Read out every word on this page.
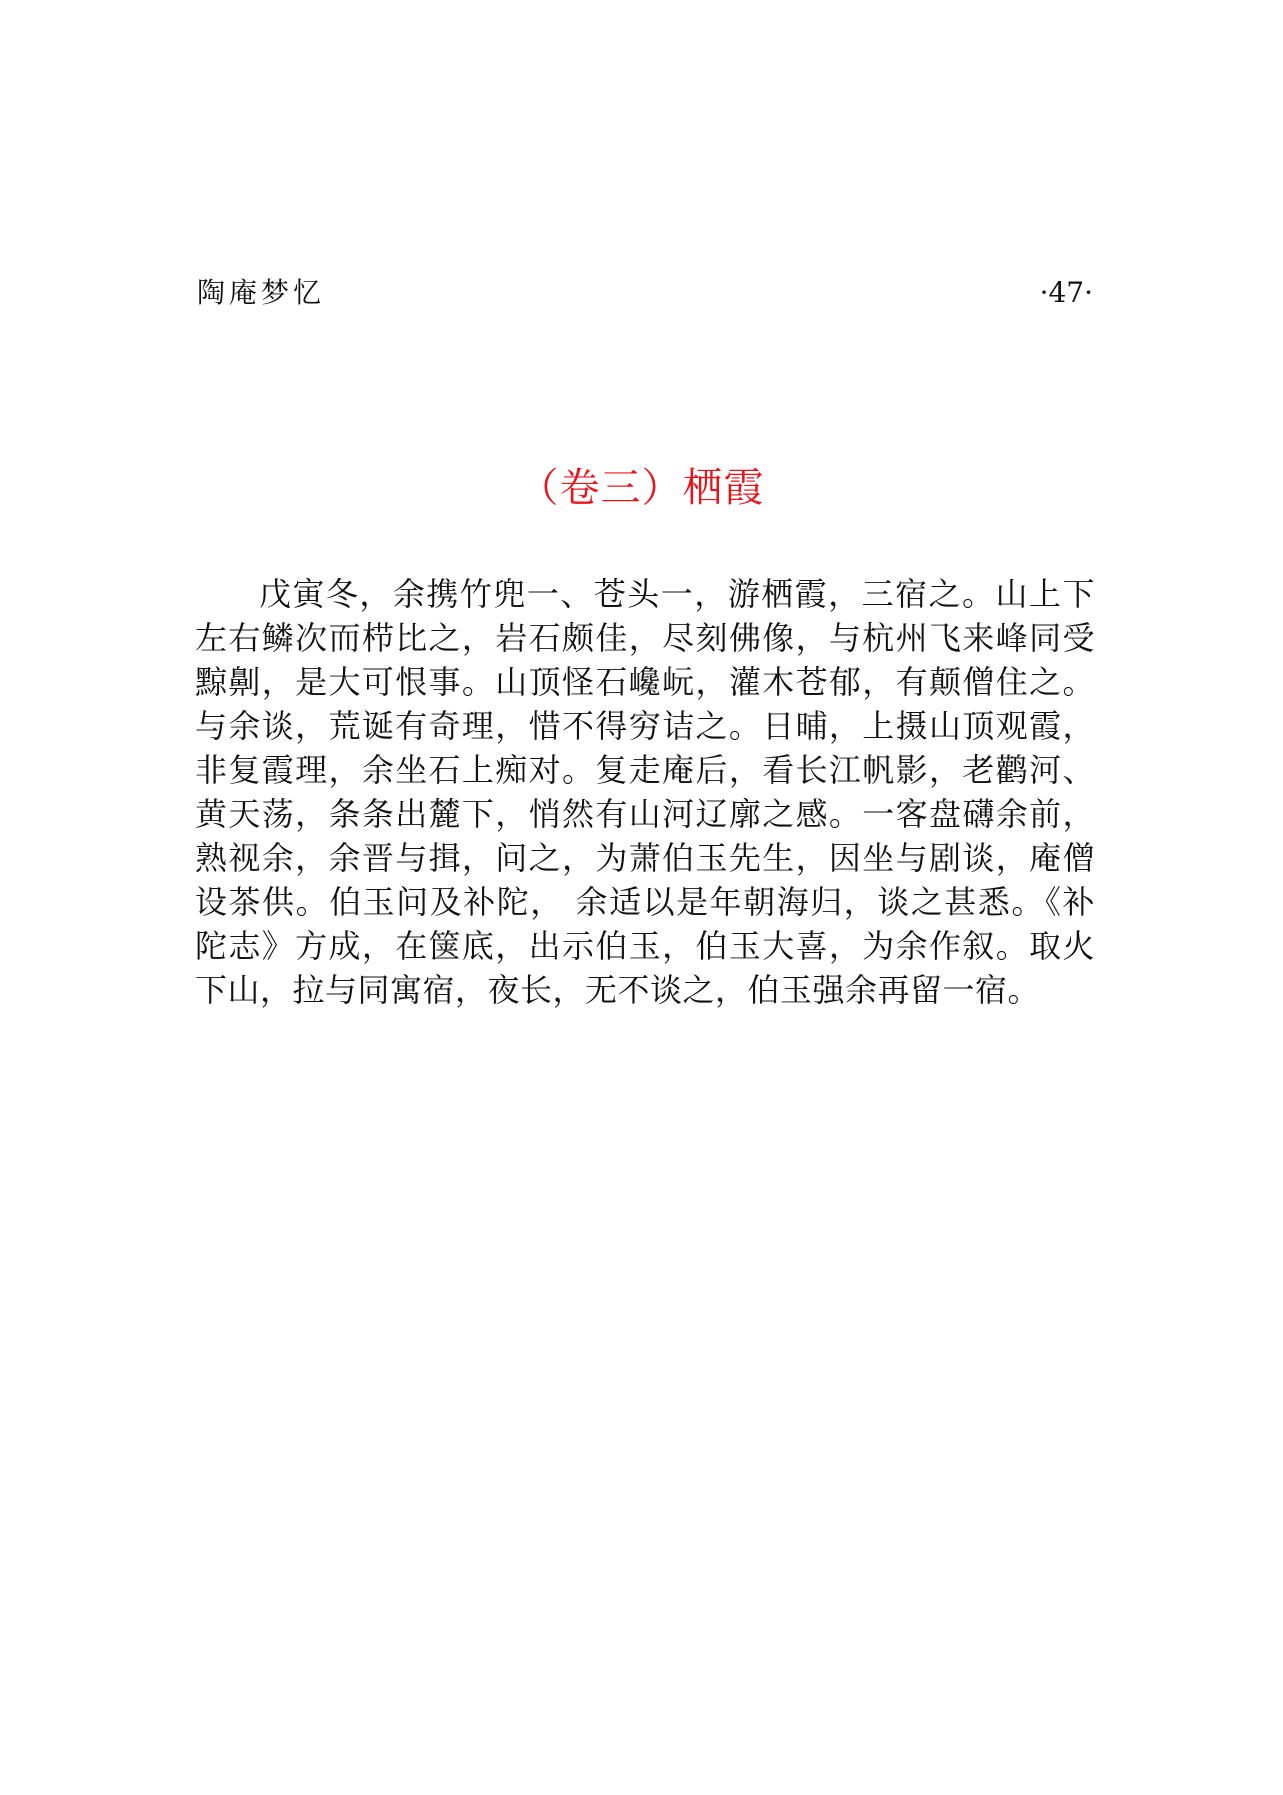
陶庵梦忆	·47·
（卷三）栖霞

戊寅冬，余携竹兜一、苍头一，游栖霞，三宿之。山上下左右鳞次而栉比之，岩石颇佳，尽刻佛像，与杭州飞来峰同受黥劓，是大可恨事。山顶怪石巉岏，灌木苍郁，有颠僧住之。与余谈，荒诞有奇理，惜不得穷诘之。日晡，上摄山顶观霞，非复霞理，余坐石上痴对。复走庵后，看长江帆影，老鹳河、黄天荡，条条出麓下，悄然有山河辽廓之感。一客盘礴余前，熟视余，余晋与揖，问之，为萧伯玉先生，因坐与剧谈，庵僧设茶供。伯玉问及补陀， 余适以是年朝海归，谈之甚悉。《补陀志》方成，在箧底，出示伯玉，伯玉大喜，为余作叙。取火下山，拉与同寓宿，夜长，无不谈之，伯玉强余再留一宿。
